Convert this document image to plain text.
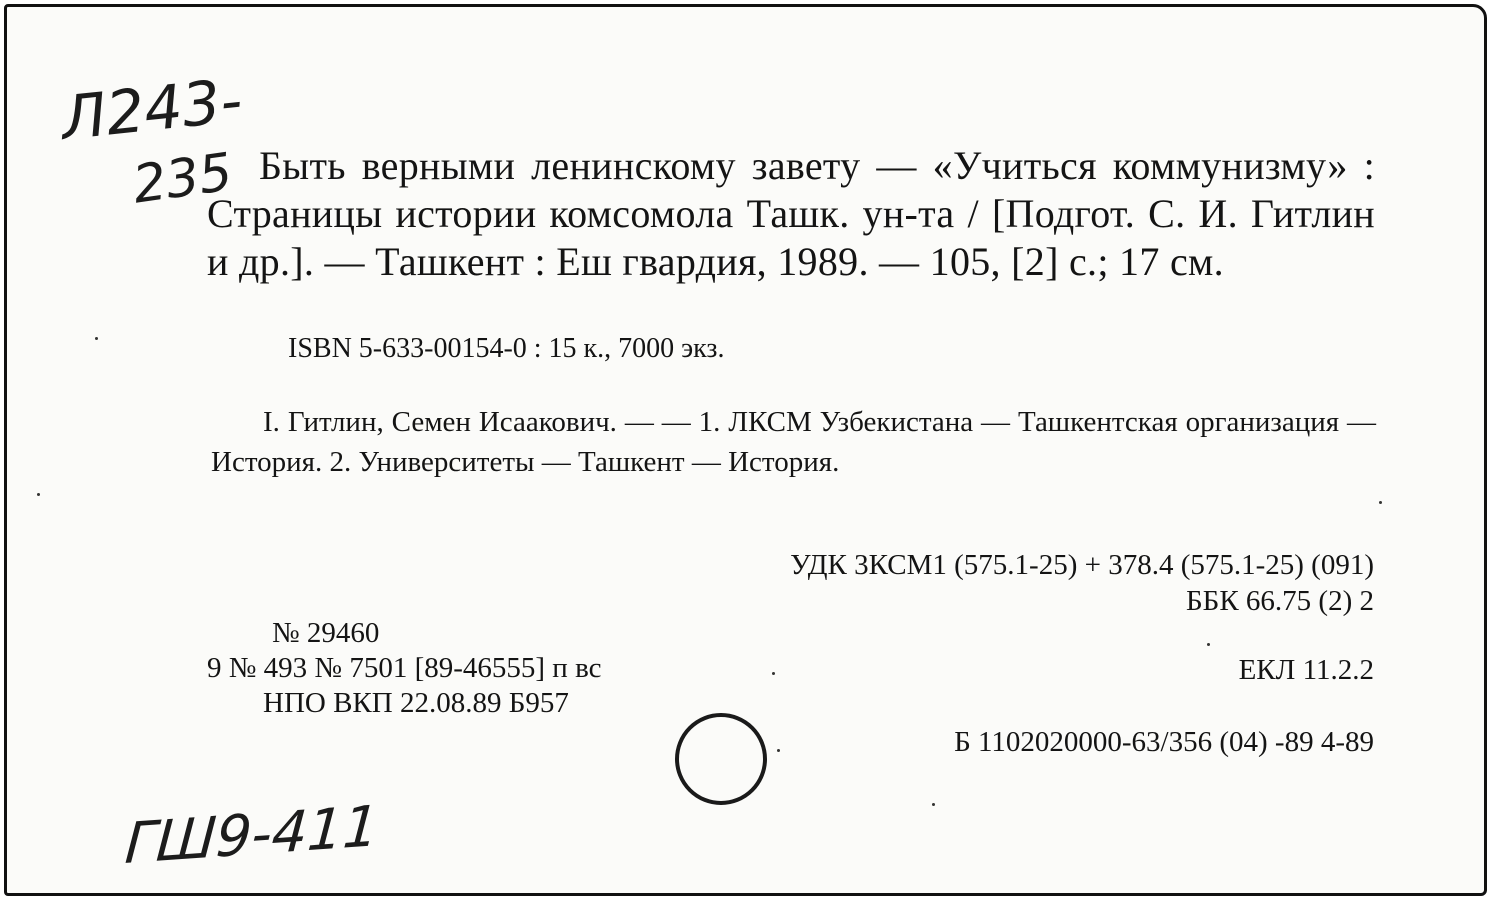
Л243-
235 Быть верными ленинскому завету — «Учиться коммунизму» : Страницы истории комсомола Ташк. ун-та / [Подгот. С. И. Гитлин и др.]. — Ташкент : Еш гвардия, 1989. — 105, [2] с.; 17 см.
ISBN 5-633-00154-0 : 15 к., 7000 экз.
I. Гитлин, Семен Исаакович. — — 1. ЛКСМ Узбекистана — Ташкентская организация — История. 2. Университеты — Ташкент — История.
УДК 3КСМ1 (575.1-25) + 378.4 (575.1-25) (091)
ББК 66.75 (2) 2
№ 29460
9 № 493 № 7501 [89-46555] п вс
НПО ВКП 22.08.89 Б957
ЕКЛ 11.2.2
Б 1102020000-63/356 (04) -89 4-89
ГШ9-411
